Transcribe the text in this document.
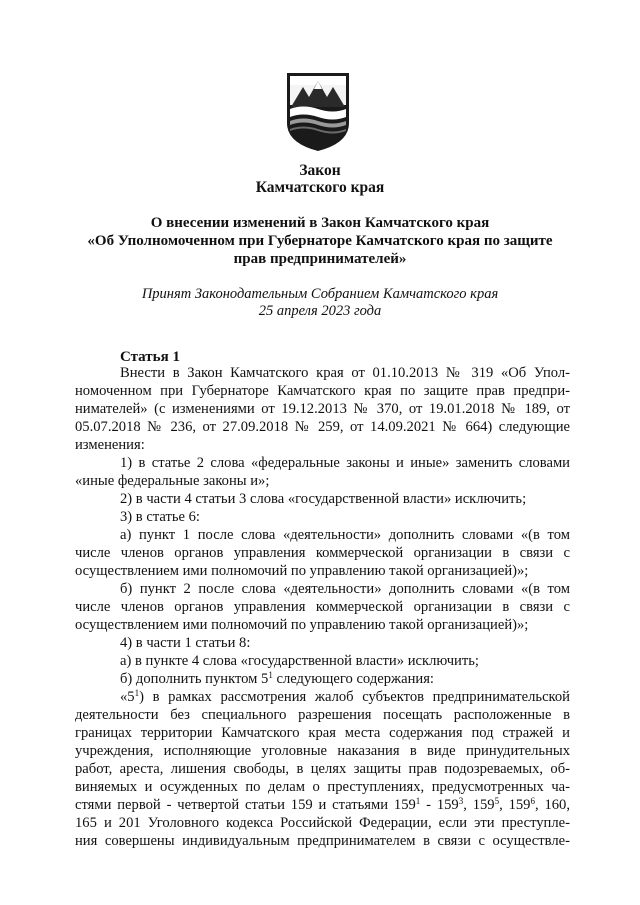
Закон
Камчатского края
О внесении изменений в Закон Камчатского края
«Об Уполномоченном при Губернаторе Камчатского края по защите
прав предпринимателей»
Принят Законодательным Собранием Камчатского края
25 апреля 2023 года
Статья 1
Внести в Закон Камчатского края от 01.10.2013 № 319 «Об Упол-
номоченном при Губернаторе Камчатского края по защите прав предпри-
нимателей» (с изменениями от 19.12.2013 № 370, от 19.01.2018 № 189, от
05.07.2018 № 236, от 27.09.2018 № 259, от 14.09.2021 № 664) следующие
изменения:
1) в статье 2 слова «федеральные законы и иные» заменить словами
«иные федеральные законы и»;
2) в части 4 статьи 3 слова «государственной власти» исключить;
3) в статье 6:
а) пункт 1 после слова «деятельности» дополнить словами «(в том
числе членов органов управления коммерческой организации в связи с
осуществлением ими полномочий по управлению такой организацией)»;
б) пункт 2 после слова «деятельности» дополнить словами «(в том
числе членов органов управления коммерческой организации в связи с
осуществлением ими полномочий по управлению такой организацией)»;
4) в части 1 статьи 8:
а) в пункте 4 слова «государственной власти» исключить;
б) дополнить пунктом $5^1$ следующего содержания:
«$5^1$) в рамках рассмотрения жалоб субъектов предпринимательской
деятельности без специального разрешения посещать расположенные в
границах территории Камчатского края места содержания под стражей и
учреждения, исполняющие уголовные наказания в виде принудительных
работ, ареста, лишения свободы, в целях защиты прав подозреваемых, об-
виняемых и осужденных по делам о преступлениях, предусмотренных ча-
стями первой - четвертой статьи 159 и статьями $159^1 - 159^3$, $159^5$, $159^6$, 160,
165 и 201 Уголовного кодекса Российской Федерации, если эти преступле-
ния совершены индивидуальным предпринимателем в связи с осуществле-
